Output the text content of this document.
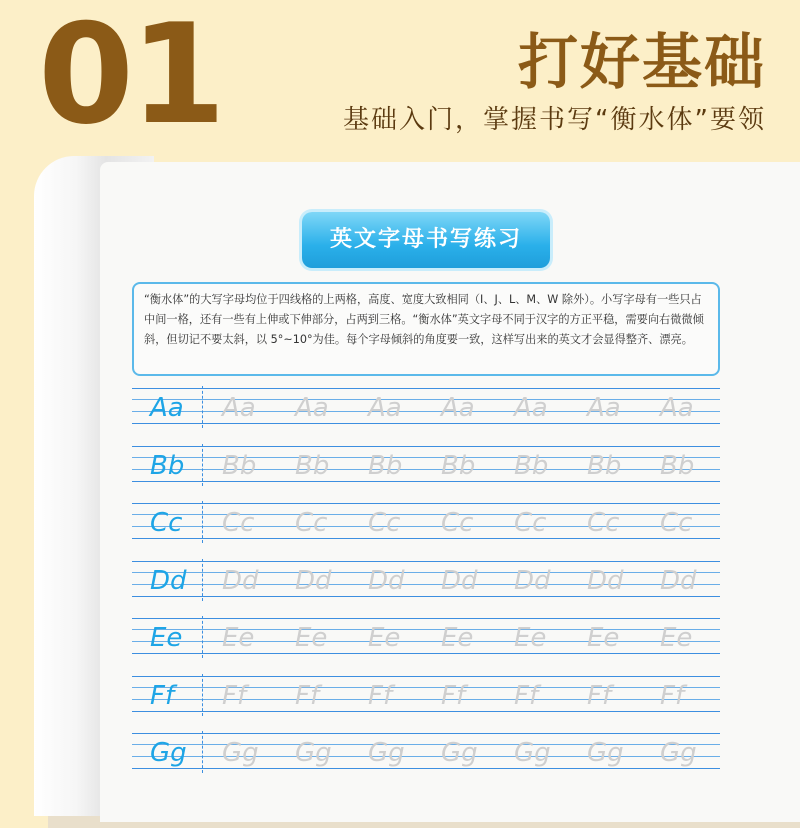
01	打好基础
基础入门，掌握书写“衡水体”要领
英文字母书写练习
“衡水体”的大写字母均位于四线格的上两格，高度、宽度大致相同（I、J、L、M、W 除外）。小写字母有一些只占中间一格，还有一些有上伸或下伸部分，占两到三格。“衡水体”英文字母不同于汉字的方正平稳，需要向右微微倾斜，但切记不要太斜，以 5°~10°为佳。每个字母倾斜的角度要一致，这样写出来的英文才会显得整齐、漂亮。
Aa Aa Aa Aa Aa Aa Aa Aa
Bb Bb Bb Bb Bb Bb Bb Bb
Cc Cc Cc Cc Cc Cc Cc Cc
Dd Dd Dd Dd Dd Dd Dd Dd
Ee Ee Ee Ee Ee Ee Ee Ee
Ff Ff Ff Ff Ff Ff Ff Ff
Gg Gg Gg Gg Gg Gg Gg Gg
